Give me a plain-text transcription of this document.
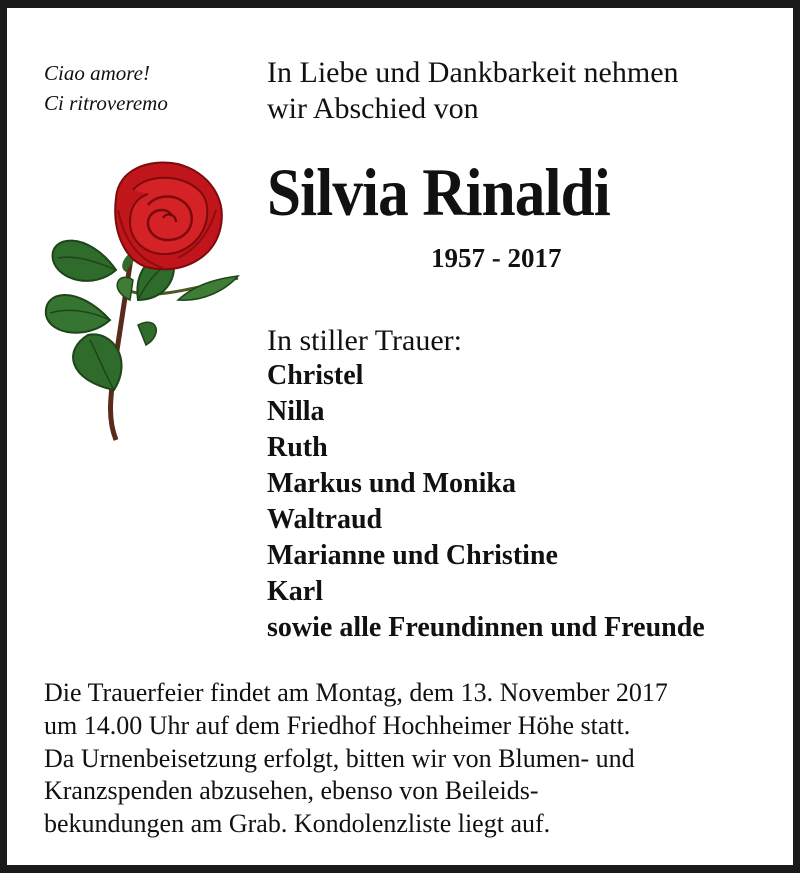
Ciao amore!
Ci ritroveremo
In Liebe und Dankbarkeit nehmen
wir Abschied von
Silvia Rinaldi
1957 - 2017
In stiller Trauer:
Christel
Nilla
Ruth
Markus und Monika
Waltraud
Marianne und Christine
Karl
sowie alle Freundinnen und Freunde
Die Trauerfeier findet am Montag, dem 13. November 2017
um 14.00 Uhr auf dem Friedhof Hochheimer Höhe statt.
Da Urnenbeisetzung erfolgt, bitten wir von Blumen- und
Kranzspenden abzusehen, ebenso von Beileids-
bekundungen am Grab. Kondolenzliste liegt auf.
